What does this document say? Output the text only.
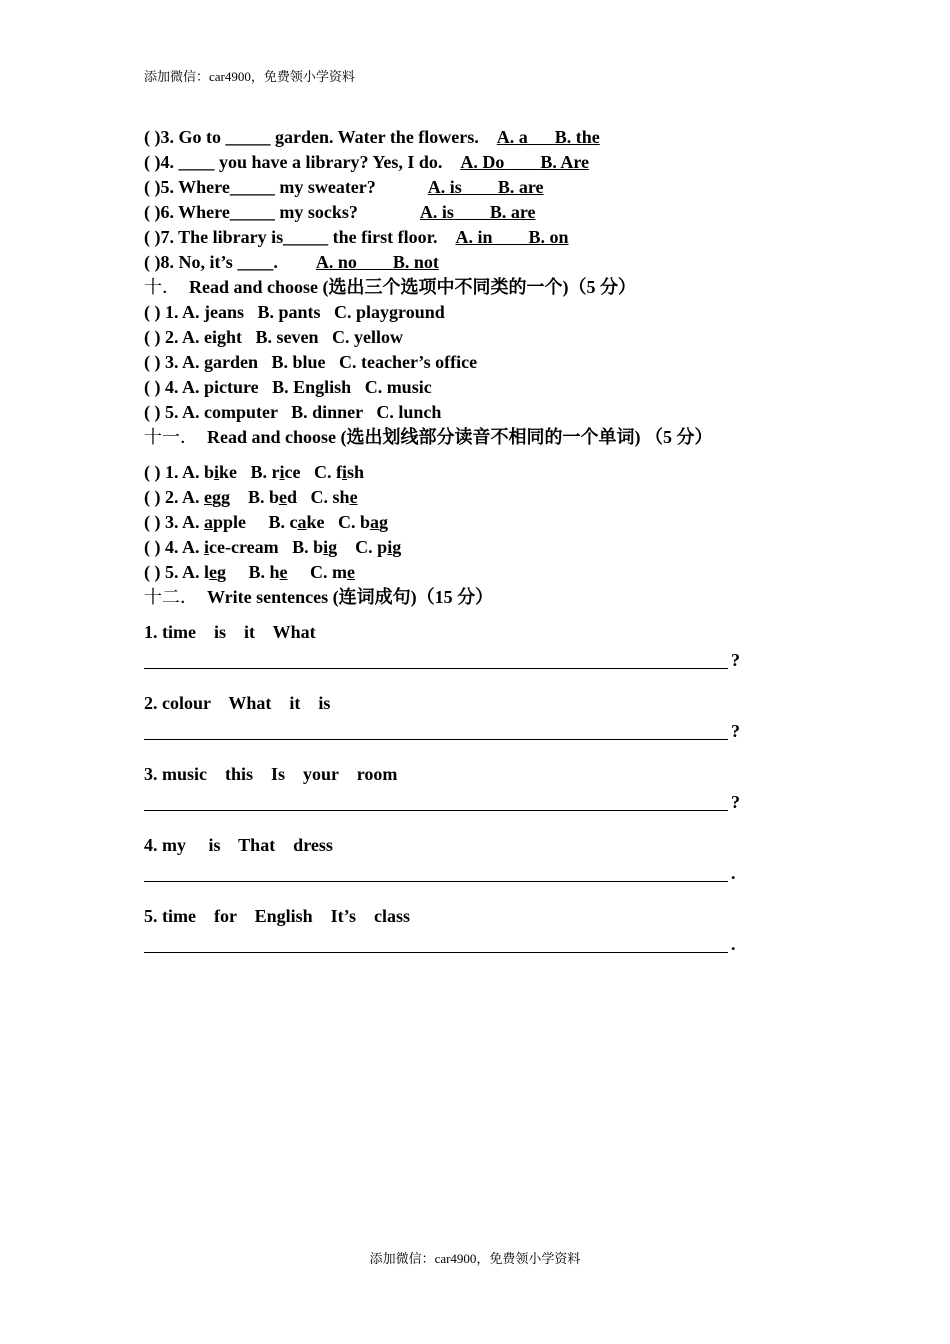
添加微信：car4900，免费领小学资料
( )3. Go to _____ garden. Water the flowers. A. a B. the
( )4. ____ you have a library? Yes, I do. A. Do B. Are
( )5. Where_____ my sweater?	A. is B. are
( )6. Where_____ my socks?	A. is B. are
( )7. The library is_____ the first floor. A. in B. on
( )8. No, it’s ____. A. no B. not
十． Read and choose (选出三个选项中不同类的一个)（5 分）
( ) 1. A. jeans   B. pants   C. playground
( ) 2. A. eight   B. seven   C. yellow
( ) 3. A. garden   B. blue   C. teacher’s office
( ) 4. A. picture   B. English   C. music
( ) 5. A. computer   B. dinner   C. lunch
十一． Read and choose (选出划线部分读音不相同的一个单词) （5 分）
( ) 1. A. bike   B. rice   C. fish
( ) 2. A. egg    B. bed   C. she
( ) 3. A. apple     B. cake   C. bag
( ) 4. A. ice-cream   B. big    C. pig
( ) 5. A. leg     B. he     C. me
十二． Write sentences (连词成句)（15 分）
1. time    is    it    What
?
2. colour    What    it    is
?
3. music    this    Is    your    room
?
4. my     is    That    dress
.
5. time    for    English    It’s    class
.
添加微信：car4900，免费领小学资料
